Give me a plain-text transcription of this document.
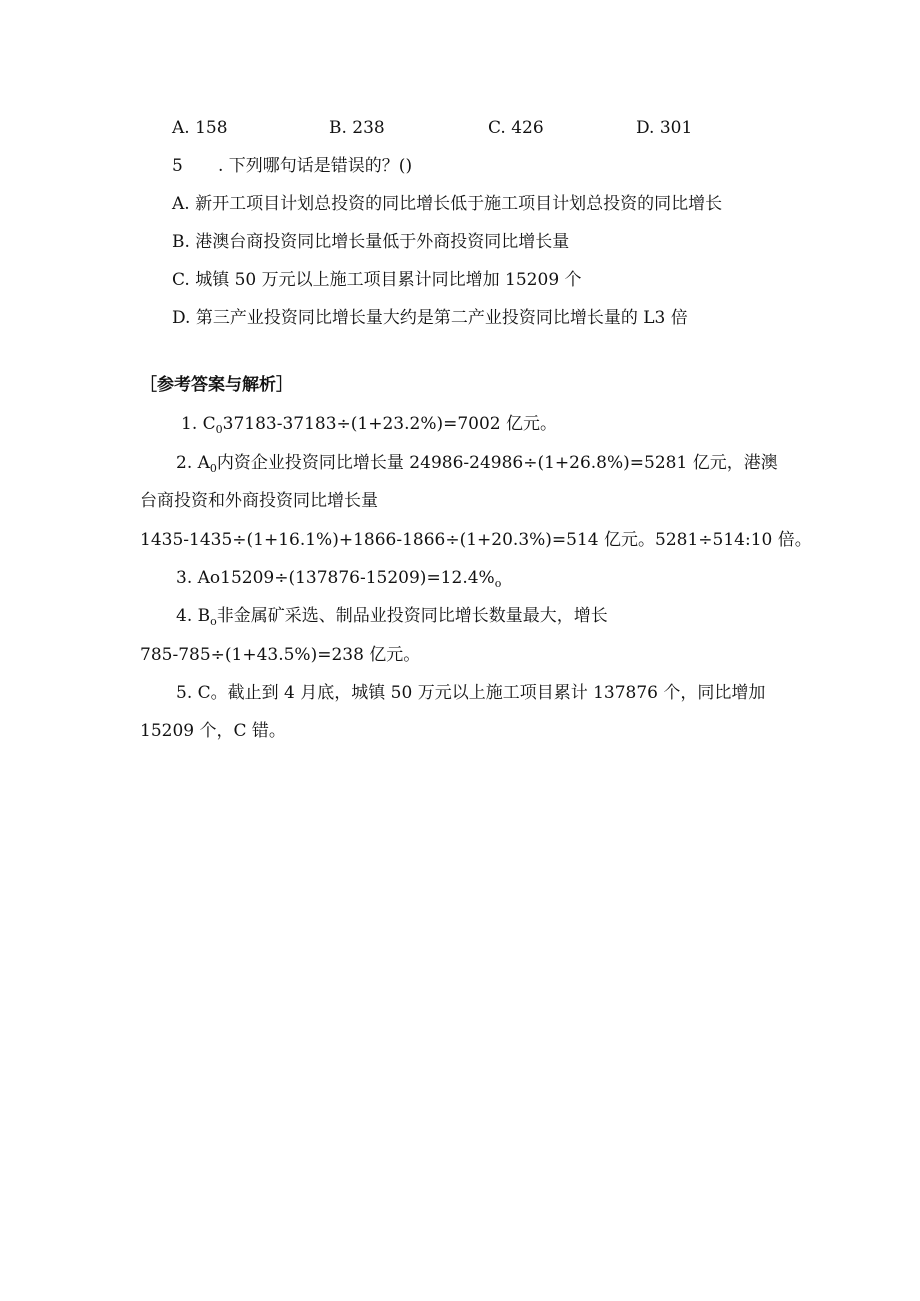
A. 158	B. 238	C. 426	D. 301
5 . 下列哪句话是错误的？()
A. 新开工项目计划总投资的同比增长低于施工项目计划总投资的同比增长
B. 港澳台商投资同比增长量低于外商投资同比增长量
C. 城镇 50 万元以上施工项目累计同比增加 15209 个
D. 第三产业投资同比增长量大约是第二产业投资同比增长量的 L3 倍
［参考答案与解析］
1. $C_037183-37183\div(1+23.2\%)=7002$ 亿元。
2. $A_0$内资企业投资同比增长量 24986-24986÷(1+26.8%)=5281 亿元，港澳
台商投资和外商投资同比增长量
1435-1435÷(1+16.1%)+1866-1866÷(1+20.3%)=514 亿元。5281÷514:10 倍。
3. $Ao15209\div(137876-15209)=12.4\%_o$
4. $B_o$非金属矿采选、制品业投资同比增长数量最大，增长
785-785÷(1+43.5%)=238 亿元。
5. C。截止到 4 月底，城镇 50 万元以上施工项目累计 137876 个，同比增加
15209 个，C 错。
